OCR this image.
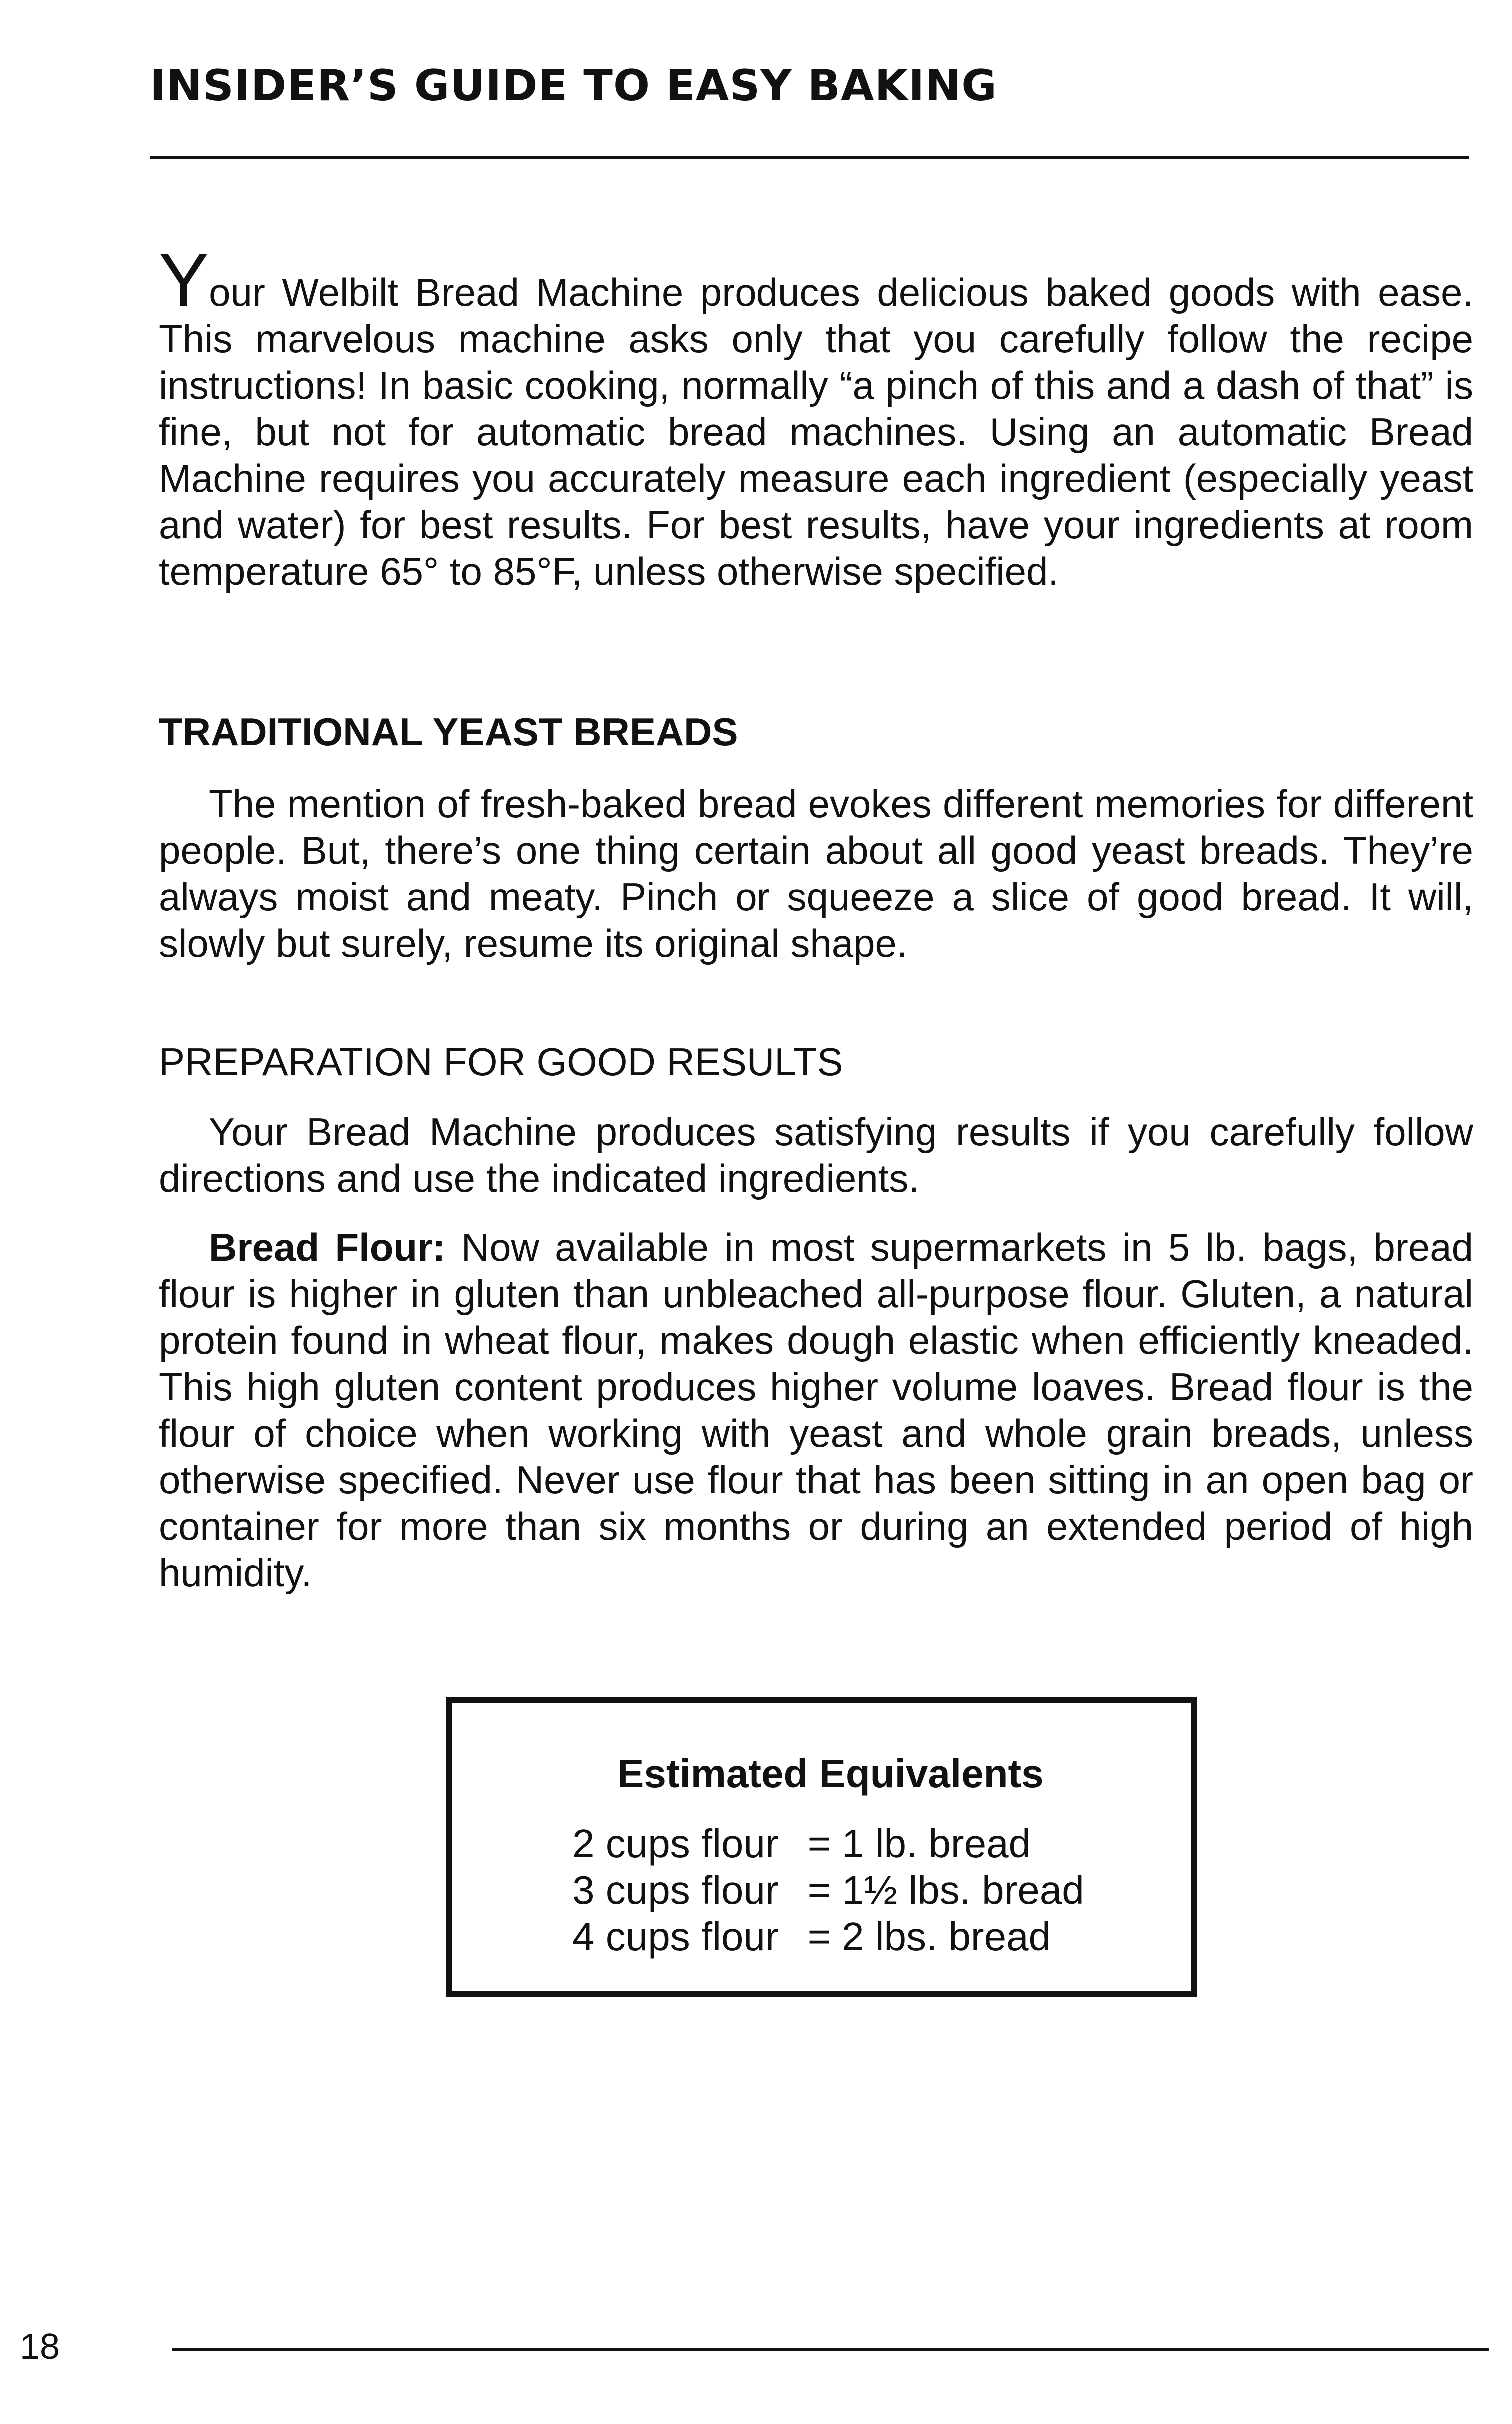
INSIDER’S GUIDE TO EASY BAKING
Your Welbilt Bread Machine produces delicious baked goods with ease. This marvelous machine asks only that you carefully follow the recipe instructions! In basic cooking, normally “a pinch of this and a dash of that” is fine, but not for automatic bread machines. Using an automatic Bread Machine requires you accurately measure each ingredient (especially yeast and water) for best results. For best results, have your ingredients at room temperature 65° to 85°F, unless otherwise specified.
TRADITIONAL YEAST BREADS
The mention of fresh-baked bread evokes different memories for different people. But, there’s one thing certain about all good yeast breads. They’re always moist and meaty. Pinch or squeeze a slice of good bread. It will, slowly but surely, resume its original shape.
PREPARATION FOR GOOD RESULTS
Your Bread Machine produces satisfying results if you carefully follow directions and use the indicated ingredients.
Bread Flour: Now available in most supermarkets in 5 lb. bags, bread flour is higher in gluten than unbleached all-purpose flour. Gluten, a natural protein found in wheat flour, makes dough elastic when efficiently kneaded. This high gluten content produces higher volume loaves. Bread flour is the flour of choice when working with yeast and whole grain breads, unless otherwise specified. Never use flour that has been sitting in an open bag or container for more than six months or during an extended period of high humidity.
Estimated Equivalents
2 cups flour = 1 lb. bread
3 cups flour = 1½ lbs. bread
4 cups flour = 2 lbs. bread
18
